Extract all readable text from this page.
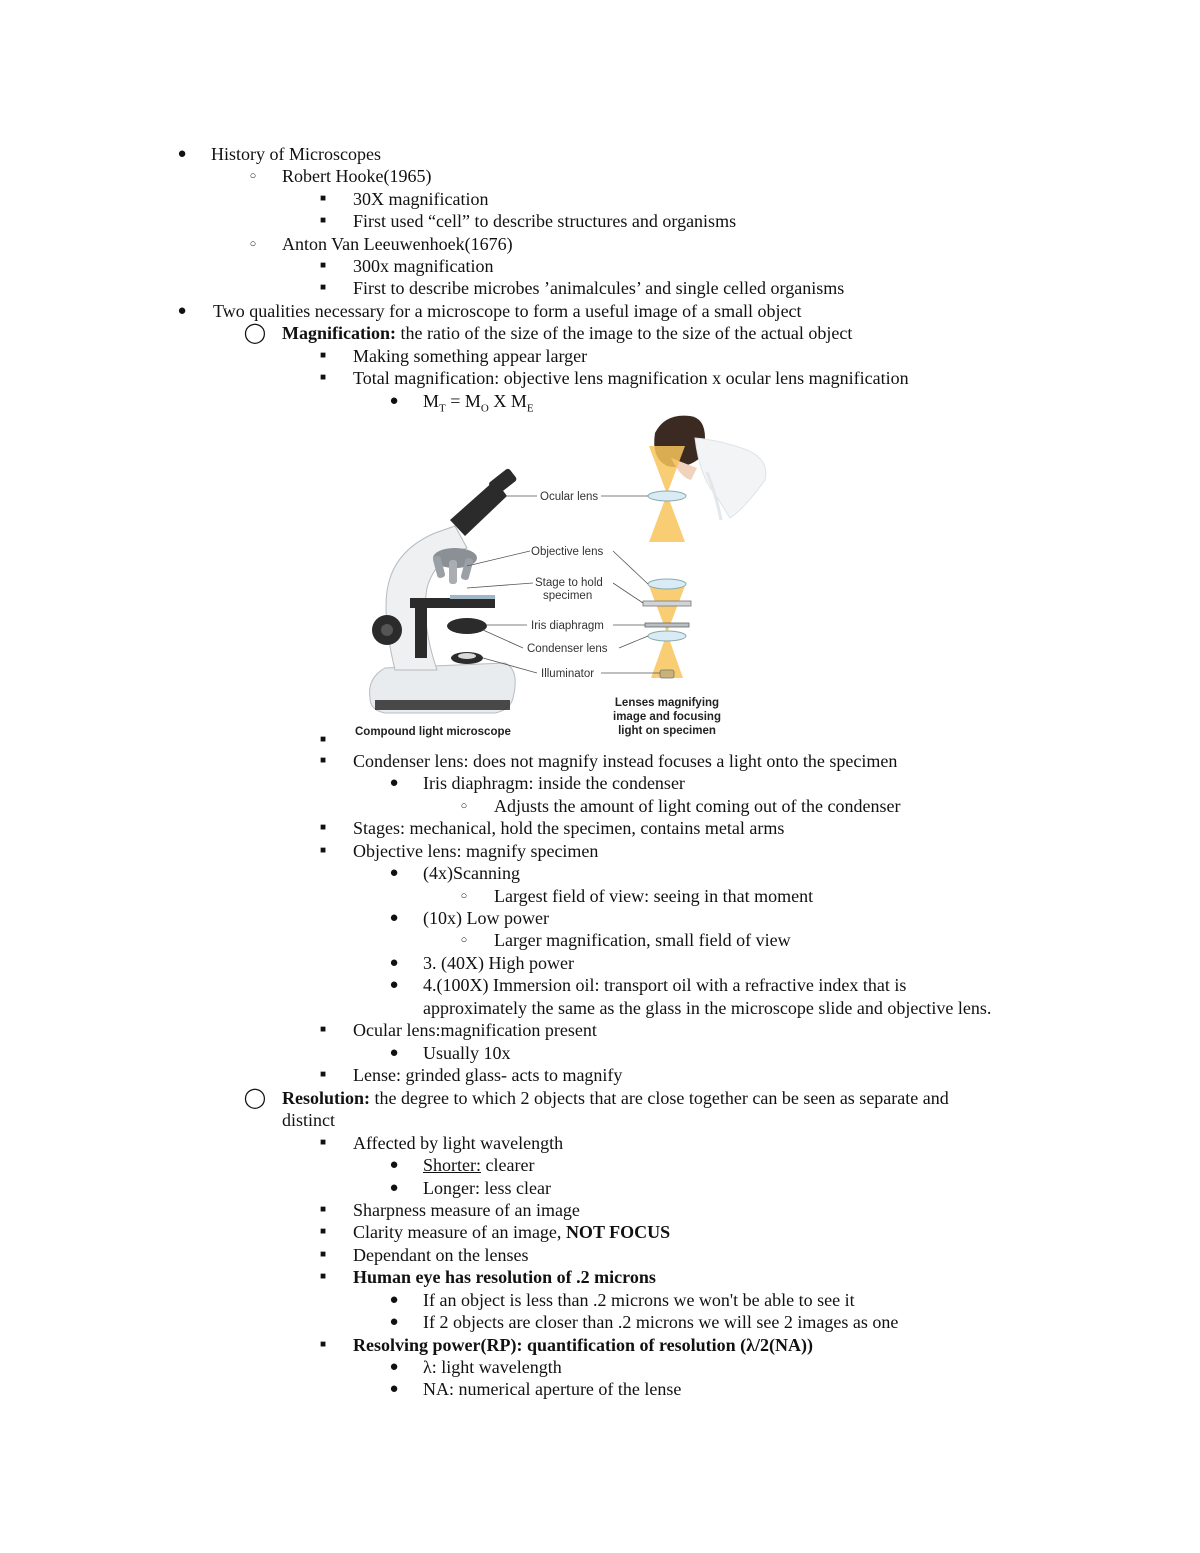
●	History of Microscopes
○	Robert Hooke(1965)
■	30X magnification
■	First used “cell” to describe structures and organisms
○	Anton Van Leeuwenhoek(1676)
■	300x magnification
■	First to describe microbes ’animalcules’ and single celled organisms
●	Two qualities necessary for a microscope to form a useful image of a small object
◯ Magnification: the ratio of the size of the image to the size of the actual object
■	Making something appear larger
■	Total magnification: objective lens magnification x ocular lens magnification
●	$M_T = M_O$ X $M_E$
Ocular lens
Objective lens
Stage to hold
specimen
Iris diaphragm
Condenser lens
Illuminator
Compound light microscope
Lenses magnifying
image and focusing
light on specimen
■
■	Condenser lens: does not magnify instead focuses a light onto the specimen
●	Iris diaphragm: inside the condenser
○	Adjusts the amount of light coming out of the condenser
■	Stages: mechanical, hold the specimen, contains metal arms
■	Objective lens: magnify specimen
●	(4x)Scanning
○	Largest field of view: seeing in that moment
●	(10x) Low power
○	Larger magnification, small field of view
●	3. (40X) High power
●	4.(100X) Immersion oil: transport oil with a refractive index that is
approximately the same as the glass in the microscope slide and objective lens.
■	Ocular lens:magnification present
●	Usually 10x
■	Lense: grinded glass- acts to magnify
◯ Resolution: the degree to which 2 objects that are close together can be seen as separate and
distinct
■	Affected by light wavelength
●	Shorter: clearer
●	Longer: less clear
■	Sharpness measure of an image
■	Clarity measure of an image, NOT FOCUS
■	Dependant on the lenses
■	Human eye has resolution of .2 microns
●	If an object is less than .2 microns we won't be able to see it
●	If 2 objects are closer than .2 microns we will see 2 images as one
■	Resolving power(RP): quantification of resolution (λ/2(NA))
●	λ: light wavelength
●	NA: numerical aperture of the lense
